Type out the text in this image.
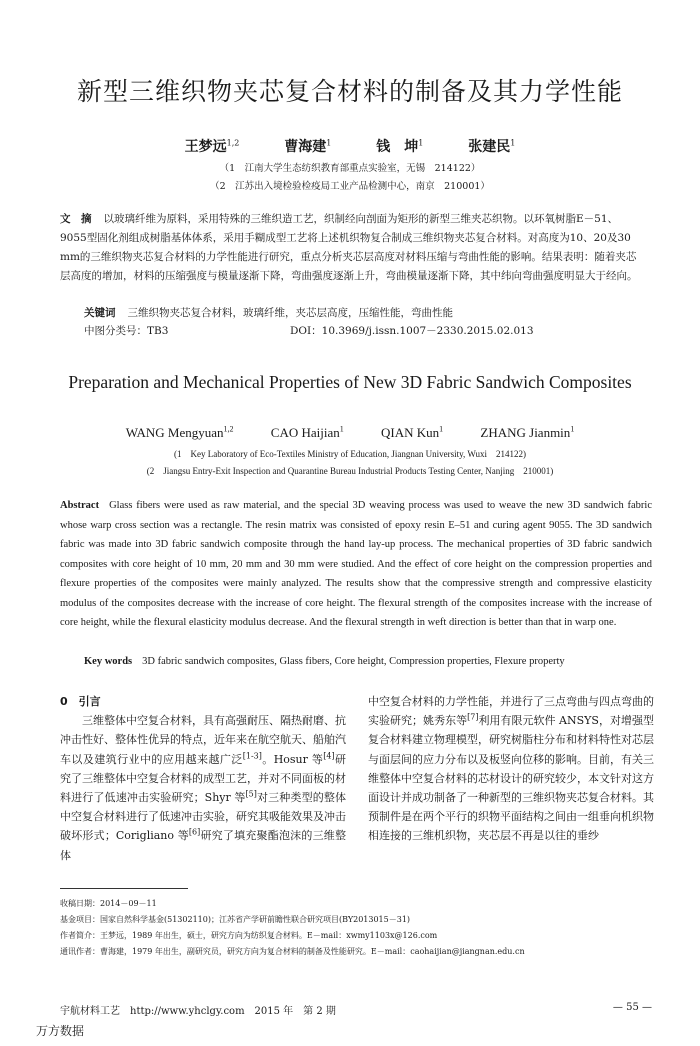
新型三维织物夹芯复合材料的制备及其力学性能
王梦远$^{1,2}$	曹海建$^1$	钱　坤$^1$	张建民$^1$
（1　江南大学生态纺织教育部重点实验室，无锡　214122）
（2　江苏出入境检验检疫局工业产品检测中心，南京　210001）
文　摘 以玻璃纤维为原料，采用特殊的三维织造工艺，织制经向剖面为矩形的新型三维夹芯织物。以环氧树脂E－51、9055型固化剂组成树脂基体体系，采用手糊成型工艺将上述机织物复合制成三维织物夹芯复合材料。对高度为10、20及30 mm的三维织物夹芯复合材料的力学性能进行研究，重点分析夹芯层高度对材料压缩与弯曲性能的影响。结果表明：随着夹芯层高度的增加，材料的压缩强度与模量逐渐下降，弯曲强度逐渐上升，弯曲模量逐渐下降，其中纬向弯曲强度明显大于经向。
关键词 三维织物夹芯复合材料，玻璃纤维，夹芯层高度，压缩性能，弯曲性能
中图分类号：TB3	DOI：10.3969/j.issn.1007－2330.2015.02.013
Preparation and Mechanical Properties of New 3D Fabric Sandwich Composites
WANG Mengyuan$^{1,2}$	CAO Haijian$^1$	QIAN Kun$^1$	ZHANG Jianmin$^1$
(1　Key Laboratory of Eco-Textiles Ministry of Education, Jiangnan University, Wuxi　214122)
(2　Jiangsu Entry-Exit Inspection and Quarantine Bureau Industrial Products Testing Center, Nanjing　210001)
Abstract Glass fibers were used as raw material, and the special 3D weaving process was used to weave the new 3D sandwich fabric whose warp cross section was a rectangle. The resin matrix was consisted of epoxy resin E–51 and curing agent 9055. The 3D sandwich fabric was made into 3D fabric sandwich composite through the hand lay-up process. The mechanical properties of 3D fabric sandwich composites with core height of 10 mm, 20 mm and 30 mm were studied. And the effect of core height on the compression properties and flexure properties of the composites were mainly analyzed. The results show that the compressive strength and compressive elasticity modulus of the composites decrease with the increase of core height. The flexural strength of the composites increase with the increase of core height, while the flexural elasticity modulus decrease. And the flexural strength in weft direction is better than that in warp one.
Key words 3D fabric sandwich composites, Glass fibers, Core height, Compression properties, Flexure property
0　引言

三维整体中空复合材料，具有高强耐压、隔热耐磨、抗冲击性好、整体性优异的特点，近年来在航空航天、船舶汽车以及建筑行业中的应用越来越广泛[1-3]。Hosur 等[4]研究了三维整体中空复合材料的成型工艺，并对不同面板的材料进行了低速冲击实验研究；Shyr 等[5]对三种类型的整体中空复合材料进行了低速冲击实验，研究其吸能效果及冲击破坏形式；Corigliano 等[6]研究了填充聚酯泡沫的三维整体

中空复合材料的力学性能，并进行了三点弯曲与四点弯曲的实验研究；姚秀东等[7]利用有限元软件 ANSYS，对增强型复合材料建立物理模型，研究树脂柱分布和材料特性对芯层与面层间的应力分布以及板竖向位移的影响。目前，有关三维整体中空复合材料的芯材设计的研究较少，本文针对这方面设计并成功制备了一种新型的三维织物夹芯复合材料。其预制件是在两个平行的织物平面结构之间由一组垂向机织物相连接的三维机织物，夹芯层不再是以往的垂纱

收稿日期：2014－09－11
基金项目：国家自然科学基金(51302110)；江苏省产学研前瞻性联合研究项目(BY2013015－31)
作者简介：王梦远，1989 年出生，硕士，研究方向为纺织复合材料。E－mail：xwmy1103x@126.com
通讯作者：曹海建，1979 年出生，副研究员，研究方向为复合材料的制备及性能研究。E－mail：caohaijian@jiangnan.edu.cn
宇航材料工艺　http://www.yhclgy.com　2015 年　第 2 期	— 55 —
万方数据
